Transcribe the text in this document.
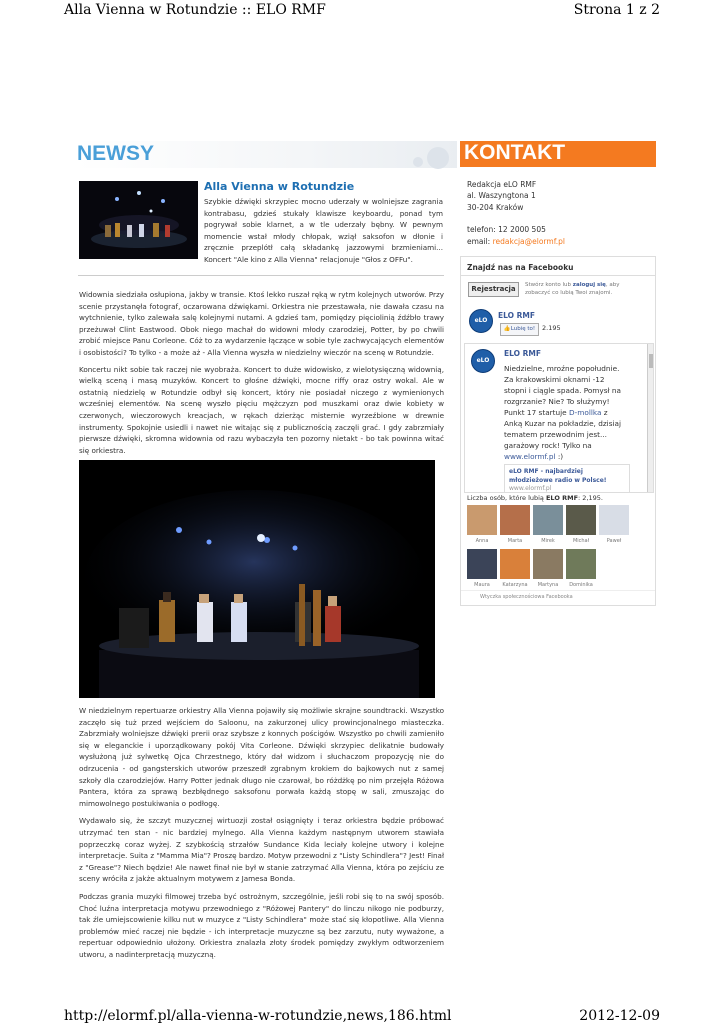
Alla Vienna w Rotundzie :: ELO RMF	Strona 1 z 2
NEWSY	KONTAKT
Alla Vienna w Rotundzie
Szybkie dźwięki skrzypiec mocno uderzały w wolniejsze zagrania kontrabasu, gdzieś stukały klawisze keyboardu, ponad tym pogrywał sobie klarnet, a w tle uderzały bębny. W pewnym momencie wstał młody chłopak, wziął saksofon w dłonie i zręcznie przeplótł całą składankę jazzowymi brzmieniami... Koncert "Ale kino z Alla Vienna" relacjonuje "Głos z OFFu".

Widownia siedziała osłupiona, jakby w transie. Ktoś lekko ruszał ręką w rytm kolejnych utworów. Przy scenie przystanęła fotograf, oczarowana dźwiękami. Orkiestra nie przestawała, nie dawała czasu na wytchnienie, tylko zalewała salę kolejnymi nutami. A gdzieś tam, pomiędzy pięciolinią źdźbło trawy przeżuwał Clint Eastwood. Obok niego machał do widowni młody czarodziej, Potter, by po chwili zrobić miejsce Panu Corleone. Cóż to za wydarzenie łączące w sobie tyle zachwycających elementów i osobistości? To tylko - a może aż - Alla Vienna wyszła w niedzielny wieczór na scenę w Rotundzie.

Koncertu nikt sobie tak raczej nie wyobraża. Koncert to duże widowisko, z wielotysięczną widownią, wielką sceną i masą muzyków. Koncert to głośne dźwięki, mocne riffy oraz ostry wokal. Ale w ostatnią niedzielę w Rotundzie odbył się koncert, który nie posiadał niczego z wymienionych wcześniej elementów. Na scenę wyszło pięciu mężczyzn pod muszkami oraz dwie kobiety w czerwonych, wieczorowych kreacjach, w rękach dzierżąc misternie wyrzeźbione w drewnie instrumenty. Spokojnie usiedli i nawet nie witając się z publicznością zaczęli grać. I gdy zabrzmiały pierwsze dźwięki, skromna widownia od razu wybaczyła ten pozorny nietakt - bo tak powinna witać się orkiestra.

W niedzielnym repertuarze orkiestry Alla Vienna pojawiły się możliwie skrajne soundtracki. Wszystko zaczęło się tuż przed wejściem do Saloonu, na zakurzonej ulicy prowincjonalnego miasteczka. Zabrzmiały wolniejsze dźwięki prerii oraz szybsze z konnych pościgów. Wszystko po chwili zamieniło się w eleganckie i uporządkowany pokój Vita Corleone. Dźwięki skrzypiec delikatnie budowały wysłużoną już sylwetkę Ojca Chrzestnego, który dał widzom i słuchaczom propozycję nie do odrzucenia - od gangsterskich utworów przeszedł zgrabnym krokiem do bajkowych nut z samej szkoły dla czarodziejów. Harry Potter jednak długo nie czarował, bo różdżkę po nim przejęła Różowa Pantera, która za sprawą bezbłędnego saksofonu porwała każdą stopę w sali, zmuszając do mimowolnego postukiwania o podłogę.

Wydawało się, że szczyt muzycznej wirtuozji został osiągnięty i teraz orkiestra będzie próbować utrzymać ten stan - nic bardziej mylnego. Alla Vienna każdym następnym utworem stawiała poprzeczkę coraz wyżej. Z szybkością strzałów Sundance Kida leciały kolejne utwory i kolejne interpretacje. Suita z "Mamma Mia"? Proszę bardzo. Motyw przewodni z "Listy Schindlera"? Jest! Finał z "Grease"? Niech będzie! Ale nawet finał nie był w stanie zatrzymać Alla Vienna, która po zejściu ze sceny wróciła z jakże aktualnym motywem z Jamesa Bonda.

Podczas grania muzyki filmowej trzeba być ostrożnym, szczególnie, jeśli robi się to na swój sposób. Choć luźna interpretacja motywu przewodniego z "Różowej Pantery" do linczu nikogo nie podburzy, tak źle umiejscowienie kilku nut w muzyce z "Listy Schindlera" może stać się kłopotliwe. Alla Vienna problemów mieć raczej nie będzie - ich interpretacje muzyczne są bez zarzutu, nuty wyważone, a repertuar odpowiednio ułożony. Orkiestra znalazła złoty środek pomiędzy zwykłym odtworzeniem utworu, a nadinterpretacją muzyczną.

Redakcja eLO RMF
al. Waszyngtona 1
30-204 Kraków
telefon: 12 2000 505
email: redakcja@elormf.pl
Znajdź nas na Facebooku
Rejestracja	Stwórz konto lub zaloguj się, aby zobaczyć co lubią Twoi znajomi.
eLO
ELO RMF
👍Lubię to!	2.195
eLO
ELO RMF
Niedzielne, mroźne popołudnie. Za krakowskimi oknami -12 stopni i ciągle spada. Pomysł na rozgrzanie? Nie? To służymy! Punkt 17 startuje D-mollka z Anką Kuzar na pokładzie, dzisiaj tematem przewodnim jest... garażowy rock! Tylko na www.elormf.pl :)
eLO RMF - najbardziej młodzieżowe radio w Polsce!
www.elormf.pl
Liczba osób, które lubią ELO RMF: 2,195.
Anna	Marta	Mirek	Michał	Paweł
Maura	Katarzyna	Martyna	Dominika
Wtyczka społecznościowa Facebooka
http://elormf.pl/alla-vienna-w-rotundzie,news,186.html	2012-12-09
